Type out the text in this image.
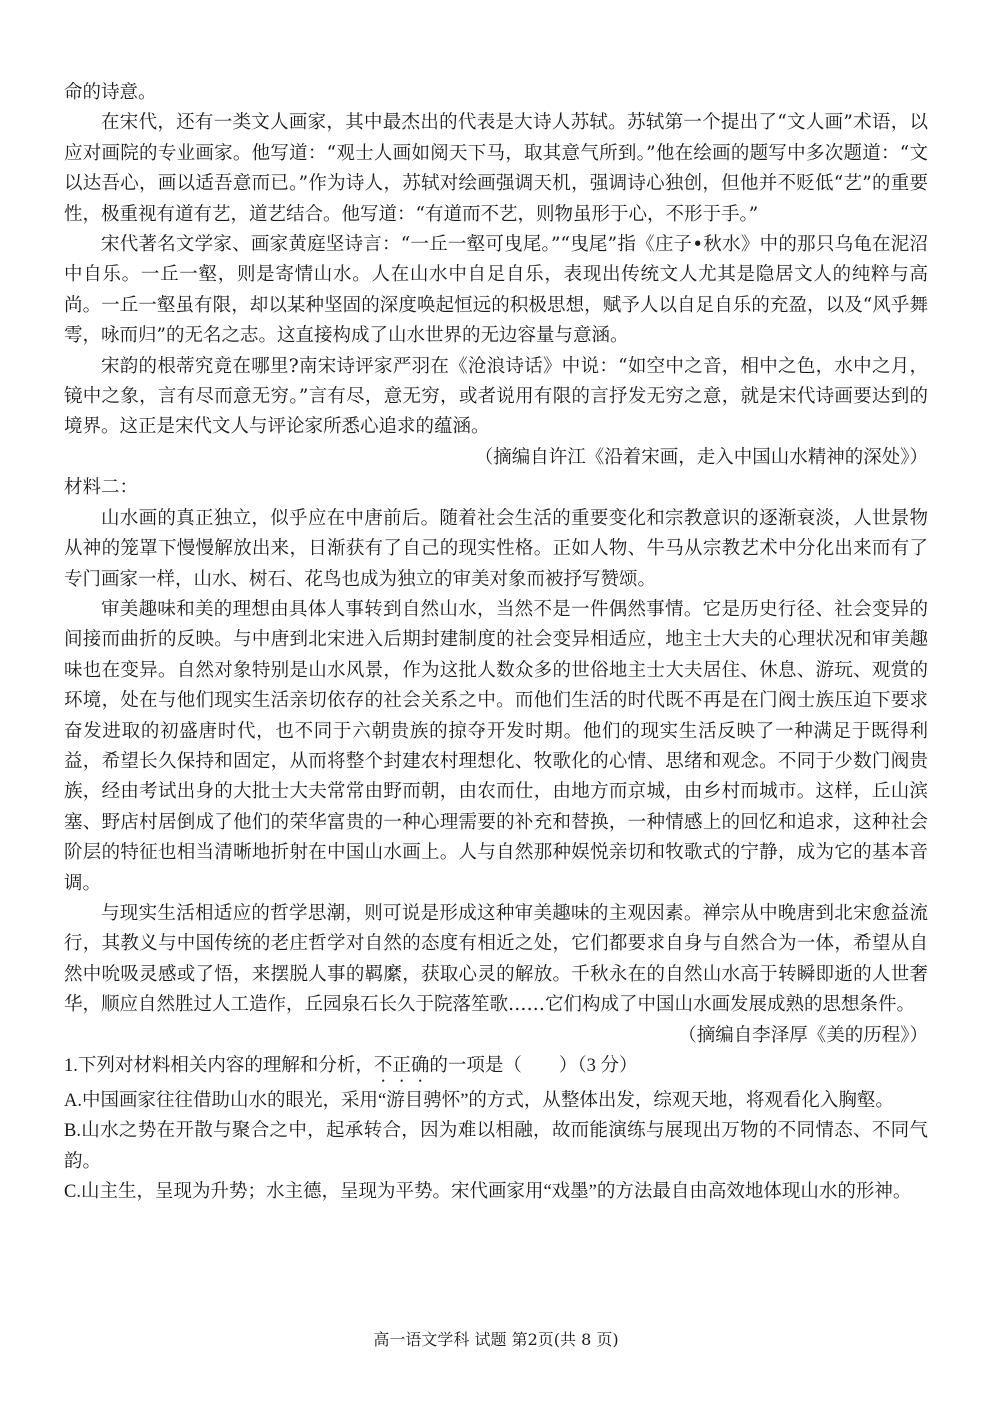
命的诗意。

在宋代，还有一类文人画家，其中最杰出的代表是大诗人苏轼。苏轼第一个提出了“文人画”术语，以应对画院的专业画家。他写道：“观士人画如阅天下马，取其意气所到。”他在绘画的题写中多次题道：“文以达吾心，画以适吾意而已。”作为诗人，苏轼对绘画强调天机，强调诗心独创，但他并不贬低“艺”的重要性，极重视有道有艺，道艺结合。他写道：“有道而不艺，则物虽形于心，不形于手。”

宋代著名文学家、画家黄庭坚诗言：“一丘一壑可曳尾。”“曳尾”指《庄子•秋水》中的那只乌龟在泥沼中自乐。一丘一壑，则是寄情山水。人在山水中自足自乐，表现出传统文人尤其是隐居文人的纯粹与高尚。一丘一壑虽有限，却以某种坚固的深度唤起恒远的积极思想，赋予人以自足自乐的充盈，以及“风乎舞雩，咏而归”的无名之志。这直接构成了山水世界的无边容量与意涵。

宋韵的根蒂究竟在哪里?南宋诗评家严羽在《沧浪诗话》中说：“如空中之音，相中之色，水中之月，镜中之象，言有尽而意无穷。”言有尽，意无穷，或者说用有限的言抒发无穷之意，就是宋代诗画要达到的境界。这正是宋代文人与评论家所悉心追求的蕴涵。

（摘编自许江《沿着宋画，走入中国山水精神的深处》）

材料二：

山水画的真正独立，似乎应在中唐前后。随着社会生活的重要变化和宗教意识的逐渐衰淡，人世景物从神的笼罩下慢慢解放出来，日渐获有了自己的现实性格。正如人物、牛马从宗教艺术中分化出来而有了专门画家一样，山水、树石、花鸟也成为独立的审美对象而被抒写赞颂。

审美趣味和美的理想由具体人事转到自然山水，当然不是一件偶然事情。它是历史行径、社会变异的间接而曲折的反映。与中唐到北宋进入后期封建制度的社会变异相适应，地主士大夫的心理状况和审美趣味也在变异。自然对象特别是山水风景，作为这批人数众多的世俗地主士大夫居住、休息、游玩、观赏的环境，处在与他们现实生活亲切依存的社会关系之中。而他们生活的时代既不再是在门阀士族压迫下要求奋发进取的初盛唐时代，也不同于六朝贵族的掠夺开发时期。他们的现实生活反映了一种满足于既得利益，希望长久保持和固定，从而将整个封建农村理想化、牧歌化的心情、思绪和观念。不同于少数门阀贵族，经由考试出身的大批士大夫常常由野而朝，由农而仕，由地方而京城，由乡村而城市。这样，丘山滨塞、野店村居倒成了他们的荣华富贵的一种心理需要的补充和替换，一种情感上的回忆和追求，这种社会阶层的特征也相当清晰地折射在中国山水画上。人与自然那种娱悦亲切和牧歌式的宁静，成为它的基本音调。

与现实生活相适应的哲学思潮，则可说是形成这种审美趣味的主观因素。禅宗从中晚唐到北宋愈益流行，其教义与中国传统的老庄哲学对自然的态度有相近之处，它们都要求自身与自然合为一体，希望从自然中吮吸灵感或了悟，来摆脱人事的羁縻，获取心灵的解放。千秋永在的自然山水高于转瞬即逝的人世奢华，顺应自然胜过人工造作，丘园泉石长久于院落笙歌……它们构成了中国山水画发展成熟的思想条件。

（摘编自李泽厚《美的历程》）

1.下列对材料相关内容的理解和分析，不正确的一项是（　　）（3 分）

A.中国画家往往借助山水的眼光，采用“游目骋怀”的方式，从整体出发，综观天地，将观看化入胸壑。

B.山水之势在开散与聚合之中，起承转合，因为难以相融，故而能演练与展现出万物的不同情态、不同气韵。

C.山主生，呈现为升势；水主德，呈现为平势。宋代画家用“戏墨”的方法最自由高效地体现山水的形神。

高一语文学科 试题 第2页(共 8 页)
